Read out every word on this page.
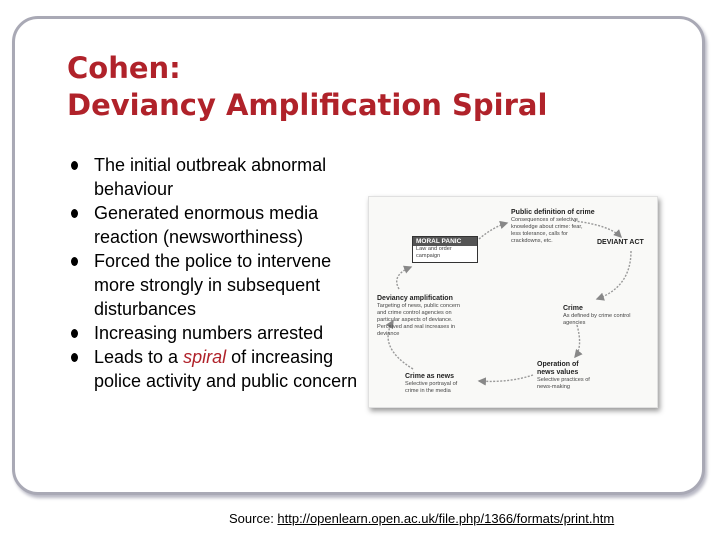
Cohen:
Deviancy Amplification Spiral
The initial outbreak abnormal behaviour
Generated enormous media reaction (newsworthiness)
Forced the police to intervene more strongly in subsequent disturbances
Increasing numbers arrested
Leads to a spiral of increasing police activity and public concern
Public definition of crime
Consequences of selective knowledge about crime: fear, less tolerance, calls for crackdowns, etc.
MORAL PANIC
Law and order campaign
DEVIANT ACT
Deviancy amplification
Targeting of news, public concern and crime control agencies on particular aspects of deviance. Perceived and real increases in deviance
Crime
As defined by crime control agencies
Crime as news
Selective portrayal of crime in the media
Operation of news values
Selective practices of news-making
Source: http://openlearn.open.ac.uk/file.php/1366/formats/print.htm
